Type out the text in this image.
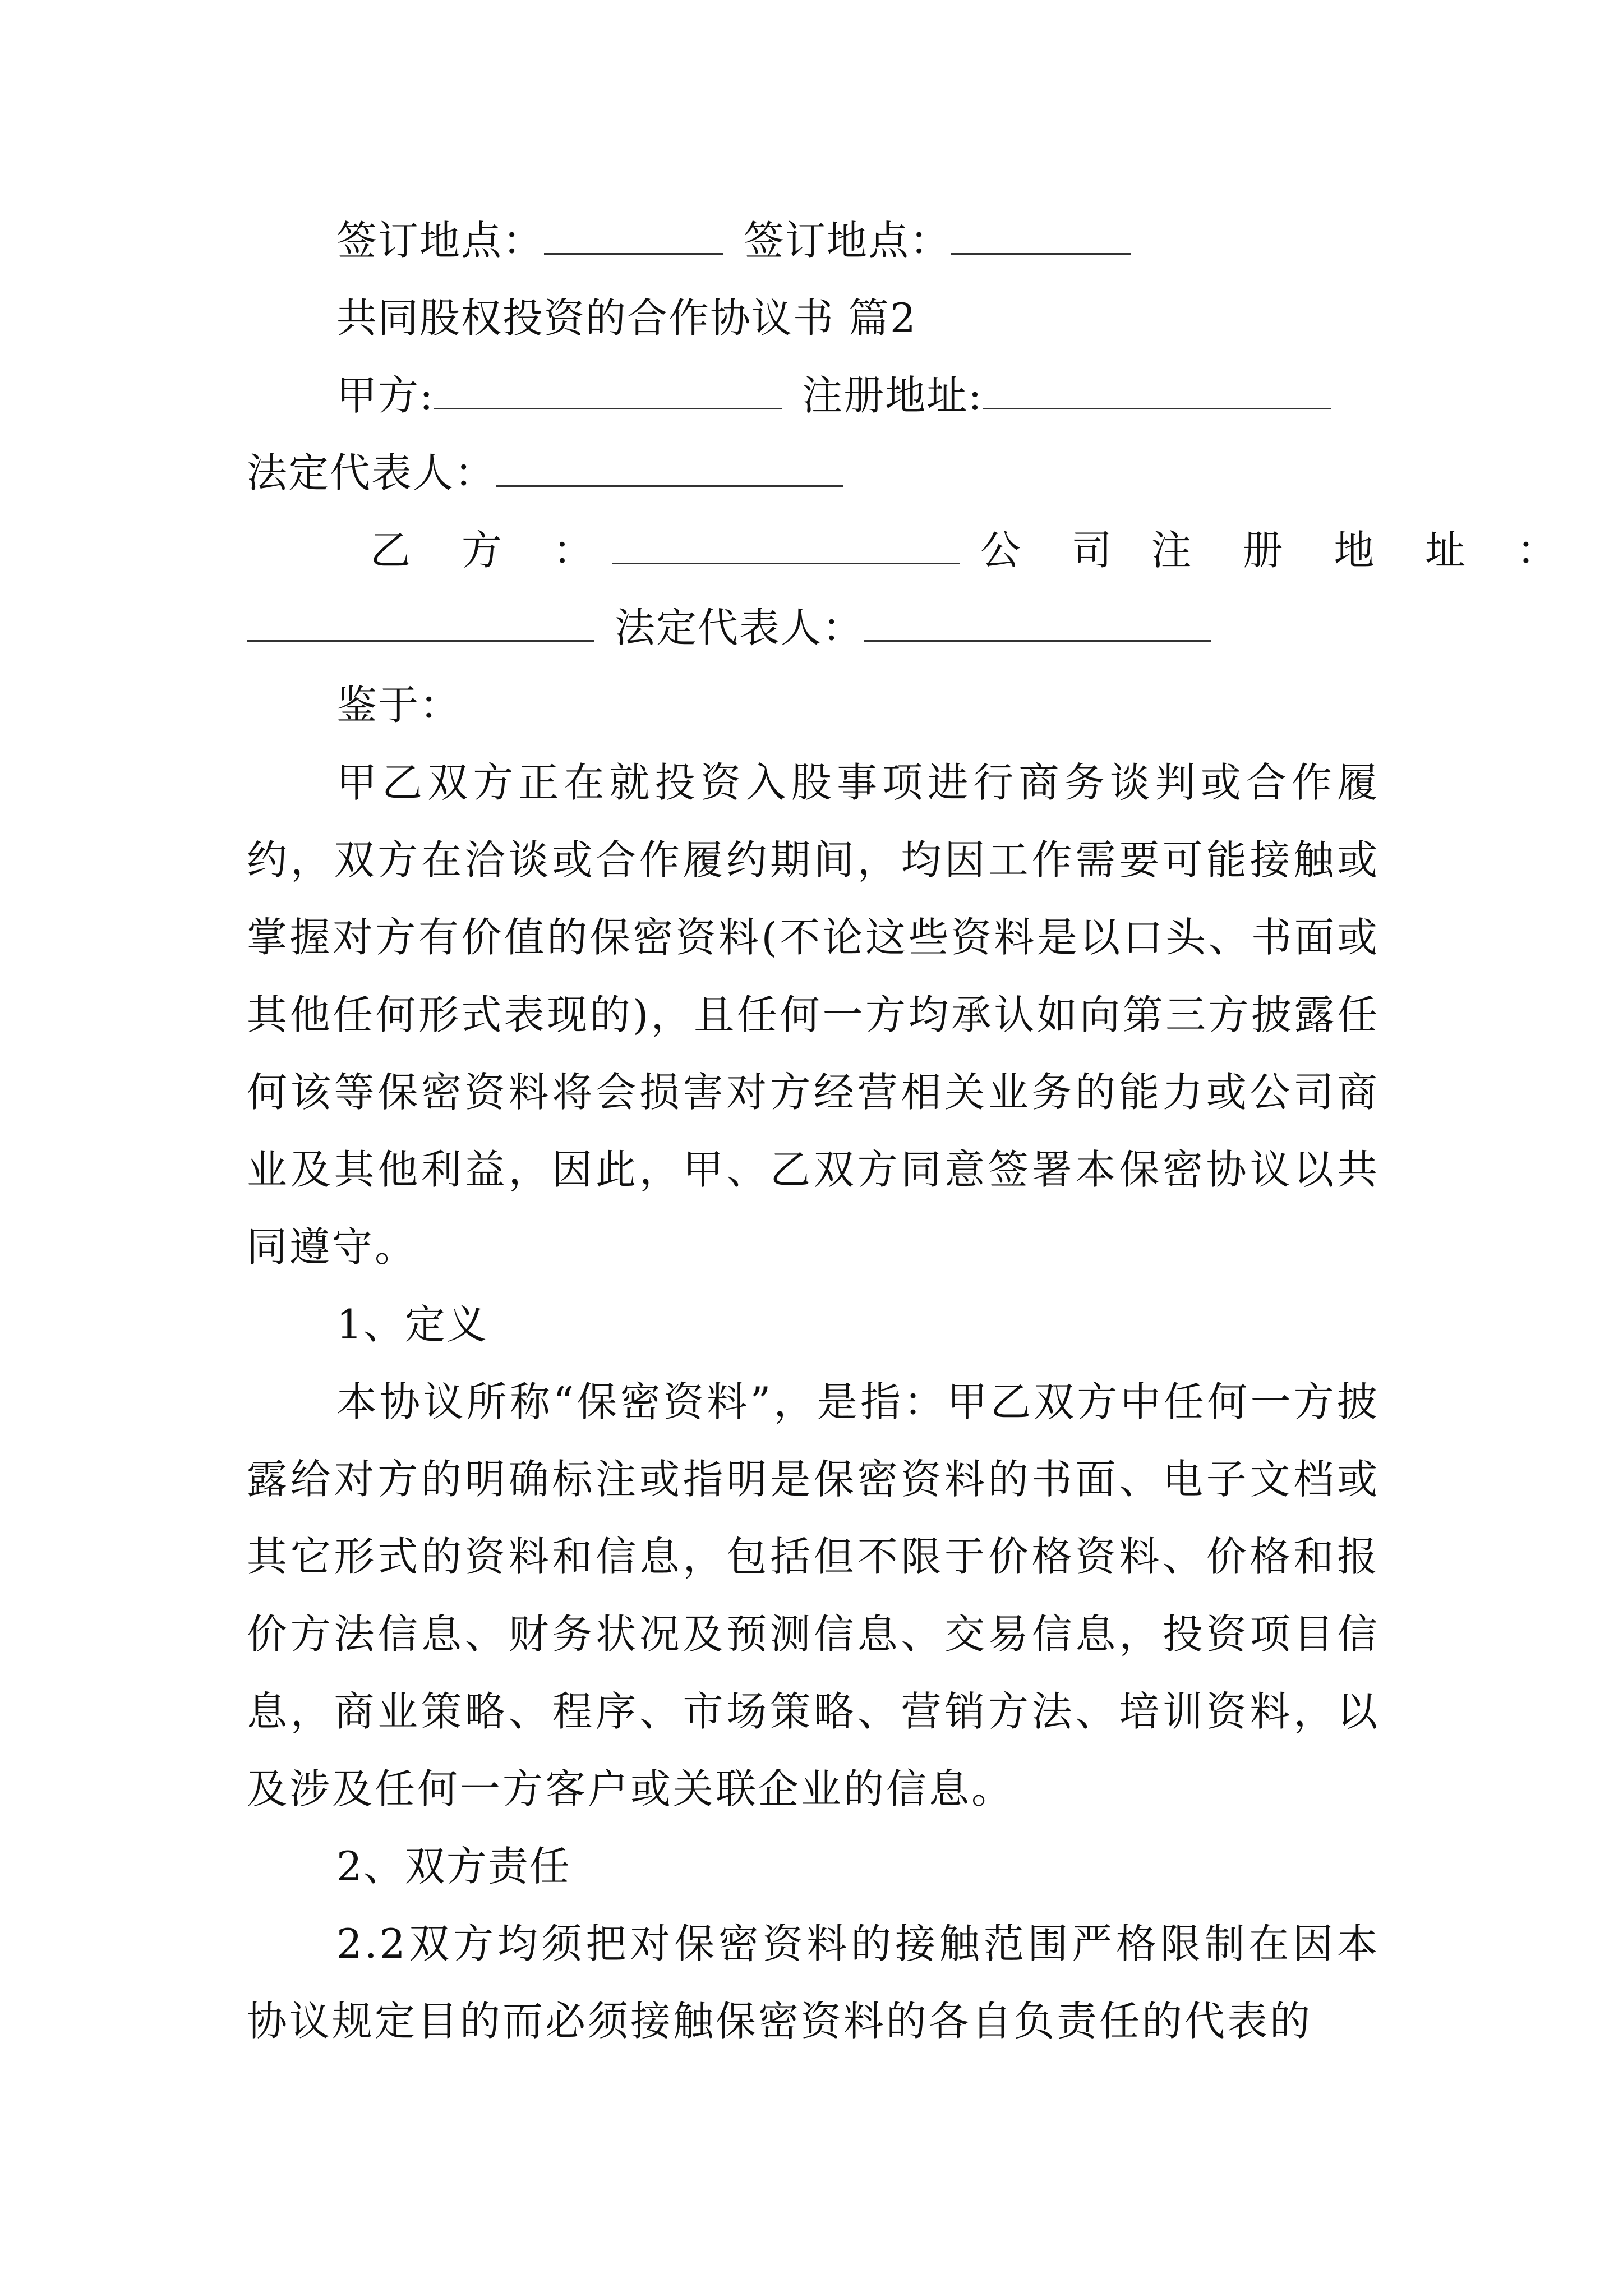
签订地点：	签订地点：
共同股权投资的合作协议书 篇2
甲方:	注册地址:
法定代表人：
乙 方 ：	公 司 注 册 地 址 ：
法定代表人：
鉴于：

甲乙双方正在就投资入股事项进行商务谈判或合作履约，双方在洽谈或合作履约期间，均因工作需要可能接触或掌握对方有价值的保密资料(不论这些资料是以口头、书面或其他任何形式表现的)，且任何一方均承认如向第三方披露任何该等保密资料将会损害对方经营相关业务的能力或公司商业及其他利益，因此，甲、乙双方同意签署本保密协议以共同遵守。

1、定义

本协议所称“保密资料”，是指：甲乙双方中任何一方披露给对方的明确标注或指明是保密资料的书面、电子文档或其它形式的资料和信息，包括但不限于价格资料、价格和报价方法信息、财务状况及预测信息、交易信息，投资项目信息，商业策略、程序、市场策略、营销方法、培训资料，以及涉及任何一方客户或关联企业的信息。

2、双方责任

2.2双方均须把对保密资料的接触范围严格限制在因本协议规定目的而必须接触保密资料的各自负责任的代表的
